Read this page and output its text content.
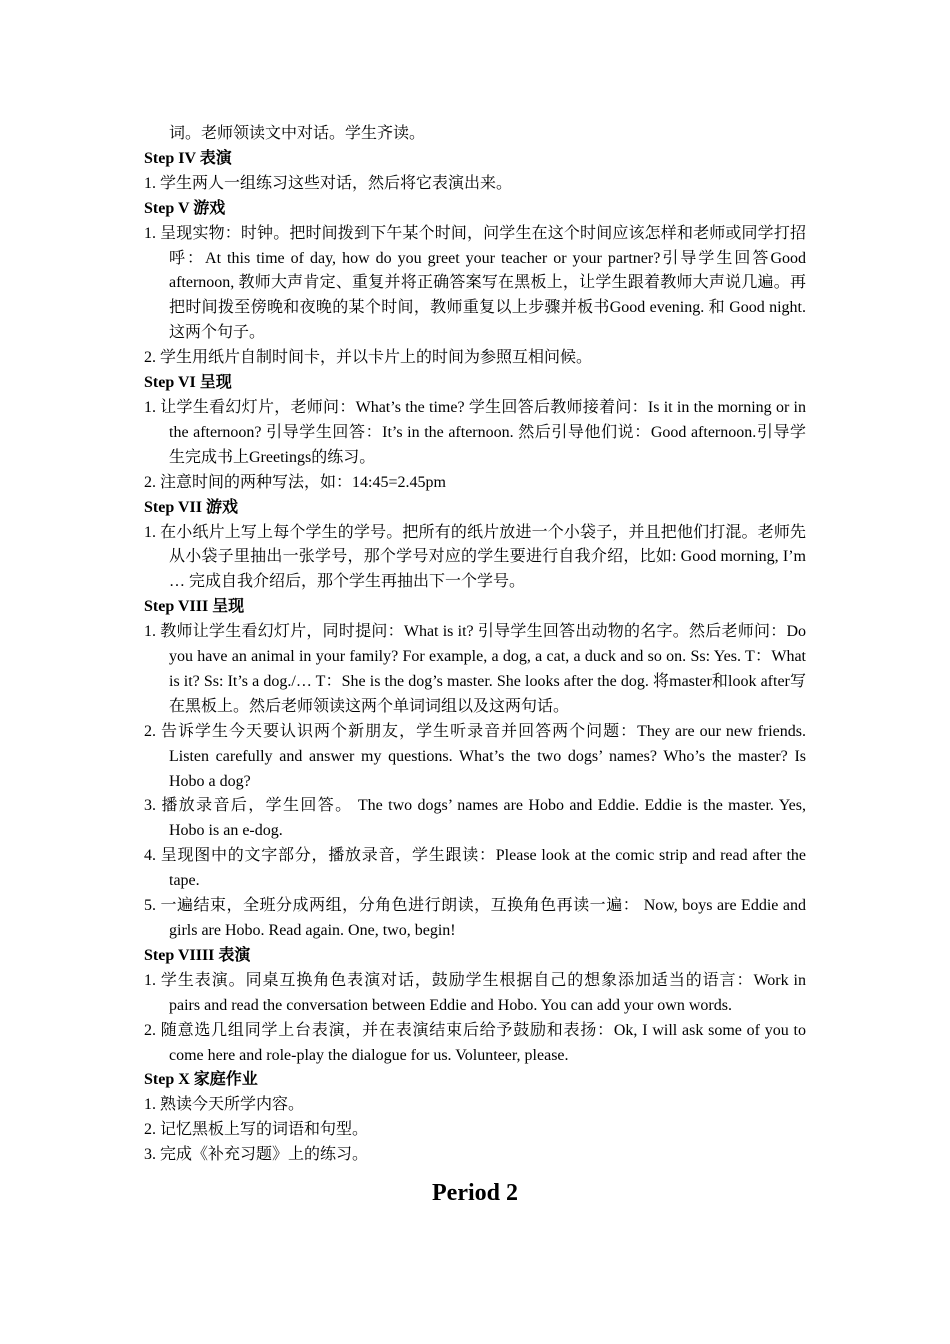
词。老师领读文中对话。学生齐读。
Step IV 表演
1. 学生两人一组练习这些对话，然后将它表演出来。
Step V 游戏
1. 呈现实物：时钟。把时间拨到下午某个时间，问学生在这个时间应该怎样和老师或同学打招呼：At this time of day, how do you greet your teacher or your partner?引导学生回答Good afternoon, 教师大声肯定、重复并将正确答案写在黑板上，让学生跟着教师大声说几遍。再把时间拨至傍晚和夜晚的某个时间，教师重复以上步骤并板书Good evening. 和 Good night.这两个句子。
2. 学生用纸片自制时间卡，并以卡片上的时间为参照互相问候。
Step VI 呈现
1. 让学生看幻灯片，老师问：What’s the time? 学生回答后教师接着问：Is it in the morning or in the afternoon? 引导学生回答：It’s in the afternoon. 然后引导他们说：Good afternoon.引导学生完成书上Greetings的练习。
2. 注意时间的两种写法，如：14:45=2.45pm
Step VII 游戏
1. 在小纸片上写上每个学生的学号。把所有的纸片放进一个小袋子，并且把他们打混。老师先从小袋子里抽出一张学号，那个学号对应的学生要进行自我介绍，比如: Good morning, I’m … 完成自我介绍后，那个学生再抽出下一个学号。
Step VIII 呈现
1. 教师让学生看幻灯片，同时提问：What is it? 引导学生回答出动物的名字。然后老师问：Do you have an animal in your family? For example, a dog, a cat, a duck and so on. Ss: Yes. T：What is it? Ss: It’s a dog./… T：She is the dog’s master. She looks after the dog. 将master和look after写在黑板上。然后老师领读这两个单词词组以及这两句话。
2. 告诉学生今天要认识两个新朋友，学生听录音并回答两个问题：They are our new friends. Listen carefully and answer my questions. What’s the two dogs’ names? Who’s the master? Is Hobo a dog?
3. 播放录音后，学生回答。 The two dogs’ names are Hobo and Eddie. Eddie is the master. Yes, Hobo is an e-dog.
4. 呈现图中的文字部分，播放录音，学生跟读：Please look at the comic strip and read after the tape.
5. 一遍结束，全班分成两组，分角色进行朗读，互换角色再读一遍： Now, boys are Eddie and girls are Hobo. Read again. One, two, begin!
Step VIIII 表演
1. 学生表演。同桌互换角色表演对话，鼓励学生根据自己的想象添加适当的语言：Work in pairs and read the conversation between Eddie and Hobo. You can add your own words.
2. 随意选几组同学上台表演，并在表演结束后给予鼓励和表扬：Ok, I will ask some of you to come here and role-play the dialogue for us. Volunteer, please.
Step X 家庭作业
1. 熟读今天所学内容。
2. 记忆黑板上写的词语和句型。
3. 完成《补充习题》上的练习。
Period 2
